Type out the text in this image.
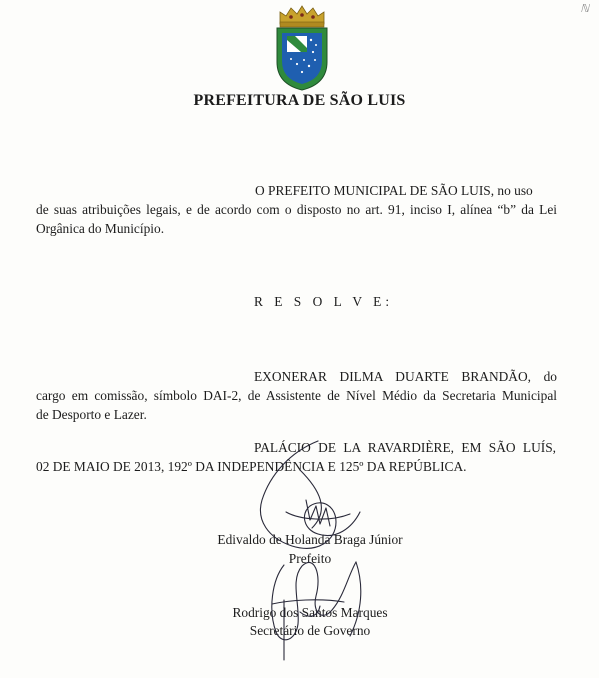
ℕ
PREFEITURA DE SÃO LUIS
O PREFEITO MUNICIPAL DE SÃO LUIS, no uso
de suas atribuições legais, e de acordo com o disposto no art. 91, inciso I, alínea “b” da Lei
Orgânica do Município.
R E S O L V E:
EXONERAR DILMA DUARTE BRANDÃO, do
cargo em comissão, símbolo DAI-2, de Assistente de Nível Médio da Secretaria Municipal
de Desporto e Lazer.
PALÁCIO DE LA RAVARDIÈRE, EM SÃO LUÍS,
02 DE MAIO DE 2013, 192º DA INDEPENDÊNCIA E 125º DA REPÚBLICA.
Edivaldo de Holanda Braga Júnior
Prefeito
Rodrigo dos Santos Marques
Secretário de Governo
